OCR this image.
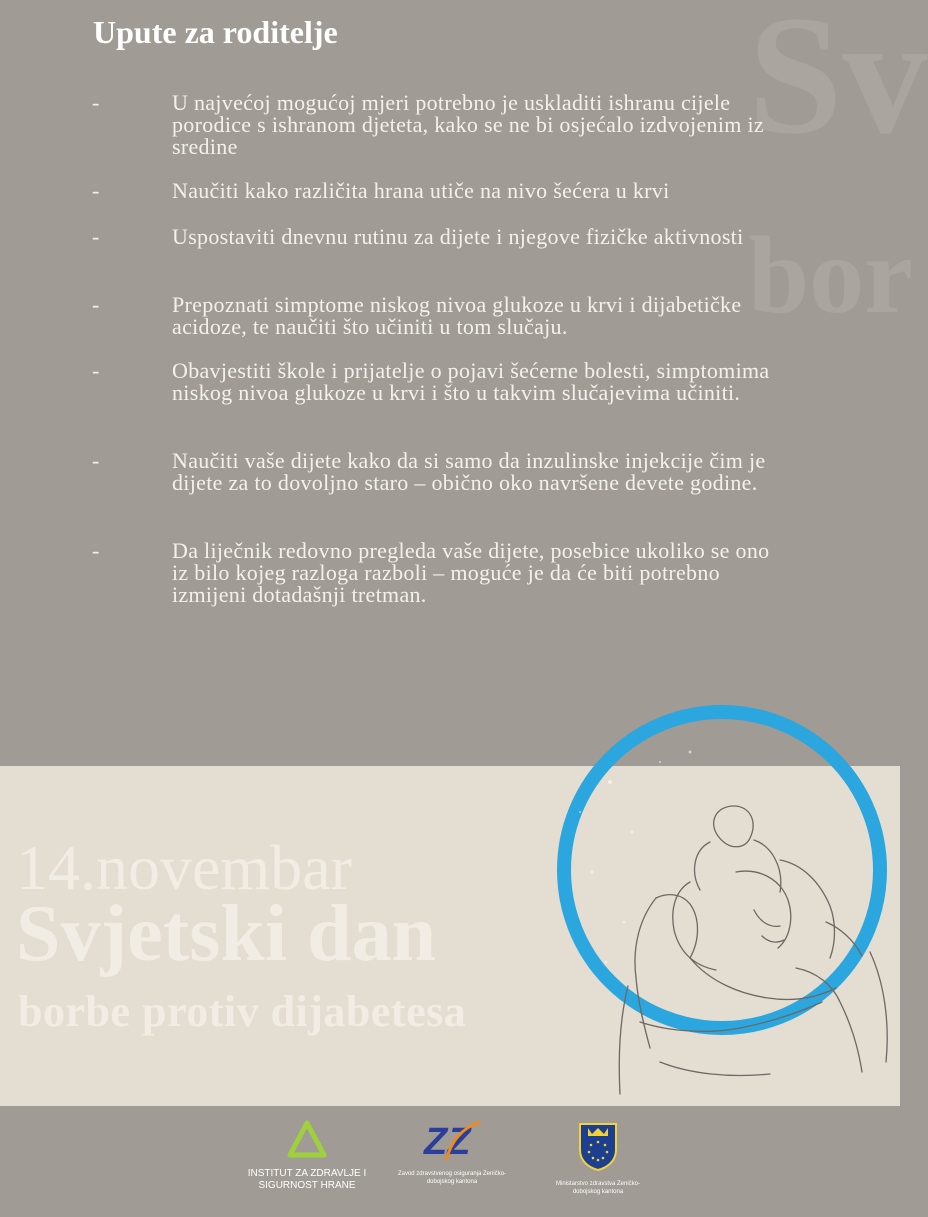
Sv
bor
Upute za roditelje
-	U najvećoj mogućoj mjeri potrebno je uskladiti ishranu cijele porodice s ishranom djeteta, kako se ne bi osjećalo izdvojenim iz sredine
-	Naučiti kako različita hrana utiče na nivo šećera u krvi
-	Uspostaviti dnevnu rutinu za dijete i njegove fizičke aktivnosti
-	Prepoznati simptome niskog nivoa glukoze u krvi i dijabetičke acidoze, te naučiti što učiniti u tom slučaju.
-	Obavjestiti škole i prijatelje o pojavi šećerne bolesti, simptomima niskog nivoa glukoze u krvi i što u takvim slučajevima učiniti.
-	Naučiti vaše dijete kako da si samo da inzulinske injekcije čim je dijete za to dovoljno staro – obično oko navršene devete godine.
-	Da liječnik redovno pregleda vaše dijete, posebice ukoliko se ono iz bilo kojeg razloga razboli – moguće je da će biti potrebno izmijeni dotadašnji tretman.
14.novembar
Svjetski dan
borbe protiv dijabetesa
INSTITUT ZA ZDRAVLJE I SIGURNOST HRANE
ZZ
Zavod zdravstvenog osiguranja Zeničko-dobojskog kantona	Ministarstvo zdravstva Zeničko-dobojskog kantona
